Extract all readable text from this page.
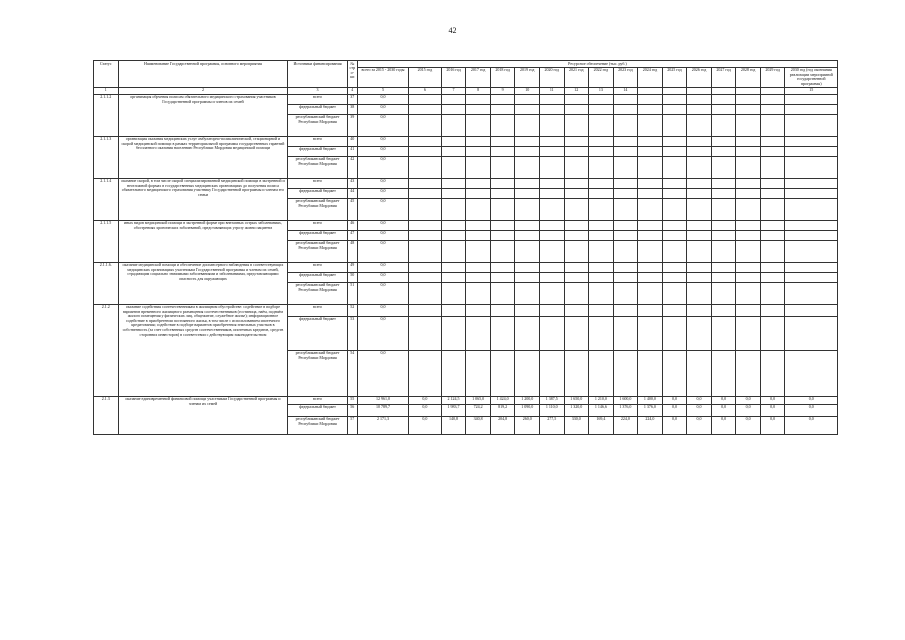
42
Статус	Наименование Государственной программы, основного мероприятия	Источники финансирования	№ стро-ки	Ресурсное обеспечение (тыс. руб.)																
				всего за 2015 - 2030 годы	2015 год	2016 год	2017 год	2018 год	2019 год	2020 год	2021 год	2022 год	2023 год	2024 год	2025 год	2026 год	2027 год	2028 год	2029 год	2030 год (год окончания реализации мероприятий государственной программы)
1	2	3	4	5	6	7	8	9	10	11	12	13	14							15
2.1.1.2	организация обрчения полисам обязательного медицинского страхования участников Государственной программы и членов их семей	всего	37	0,0																
		федеральный бюджет	38	0,0																
		республиканский бюджет Республики Мордовия	39	0,0																
2.1.1.3	организация оказания медицинских услуг амбулаторно-поликлинической, стационарной и скорой медицинской помощи в рамках территориальной программы государственных гарантий бесплатного оказания населению Республики Мордовия медицинской помощи	всего	40	0,0																
		федеральный бюджет	41	0,0																
		республиканский бюджет Республики Мордовия	42	0,0																
2.1.1.4	оказание скорой, в том числе скорой специализированной медицинской помощи в экстренной и неотложной формах в государственных медицинских организациях до получения полиса обязательного медицинского страхования участнику Государственной программы и членам его семьи	всего	43	0,0																
		федеральный бюджет	44	0,0																
		республиканский бюджет Республики Мордовия	45	0,0																
2.1.1.5	иных видов медицинской помощи в экстренной форме при внезапных острых заболеваниях, обострениях хронических заболеваний, представляющих угрозу жизни пациента	всего	46	0,0																
		федеральный бюджет	47	0,0																
		республиканский бюджет Республики Мордовия	48	0,0																
2.1.1.6.	оказание медицинской помощи и обеспечение диспансерного наблюдения в соответствующих медицинских организациях участникам Государственной программы и членам их семей, страдающим социально значимыми заболеваниями и заболеваниями, представляющими опасность для окружающих	всего	49	0,0																
		федеральный бюджет	50	0,0																
		республиканский бюджет Республики Мордовия	51	0,0																
2.1.2	оказание содействия соотечественникам в жилищном обустройстве: содействие в подборе вариантов временного жилищного размещения соотечественников (гостиница, наём, поднаём жилого помещения у физических лиц, общежитие, служебное жилье); информационное содействие в приобретении постоянного жилья, в том числе с использованием ипотечного кредитования; содействие в подборе вариантов приобретения земельных участков в собственность (за счет собственных средств соотечественников, ипотечных кредитов, средств сторонних инвесторов) в соответствии с действующим законодательством	всего	52	0,0																
		федеральный бюджет	53	0,0																
		республиканский бюджет Республики Мордовия	54	0,0																
2.1.3	оказание единовременной финансовой помощи участникам Государственной программы и членам их семей	всего	55	12 961,0	0,0	2 124,5	1 065,0	1 424,0	1 200,0	1 387,5	1 650,0	1 210,0	1 600,0	1 400,0	0,0	0,0	0,0	0,0	0,0	0,0
		федеральный бюджет	56	10 789,7	0,0	1 983,7	724,2	819,2	1 090,0	1 110,0	1 320,0	1 146,6	1 376,0	1 376,0	0,0	0,0	0,0	0,0	0,0	0,0
		республиканский бюджет Республики Мордовия	57	2 171,3	0,0	140,8	340,8	204,8	260,0	277,5	330,0	169,4	224,0	224,0	0,0	0,0	0,0	0,0	0,0	0,0
